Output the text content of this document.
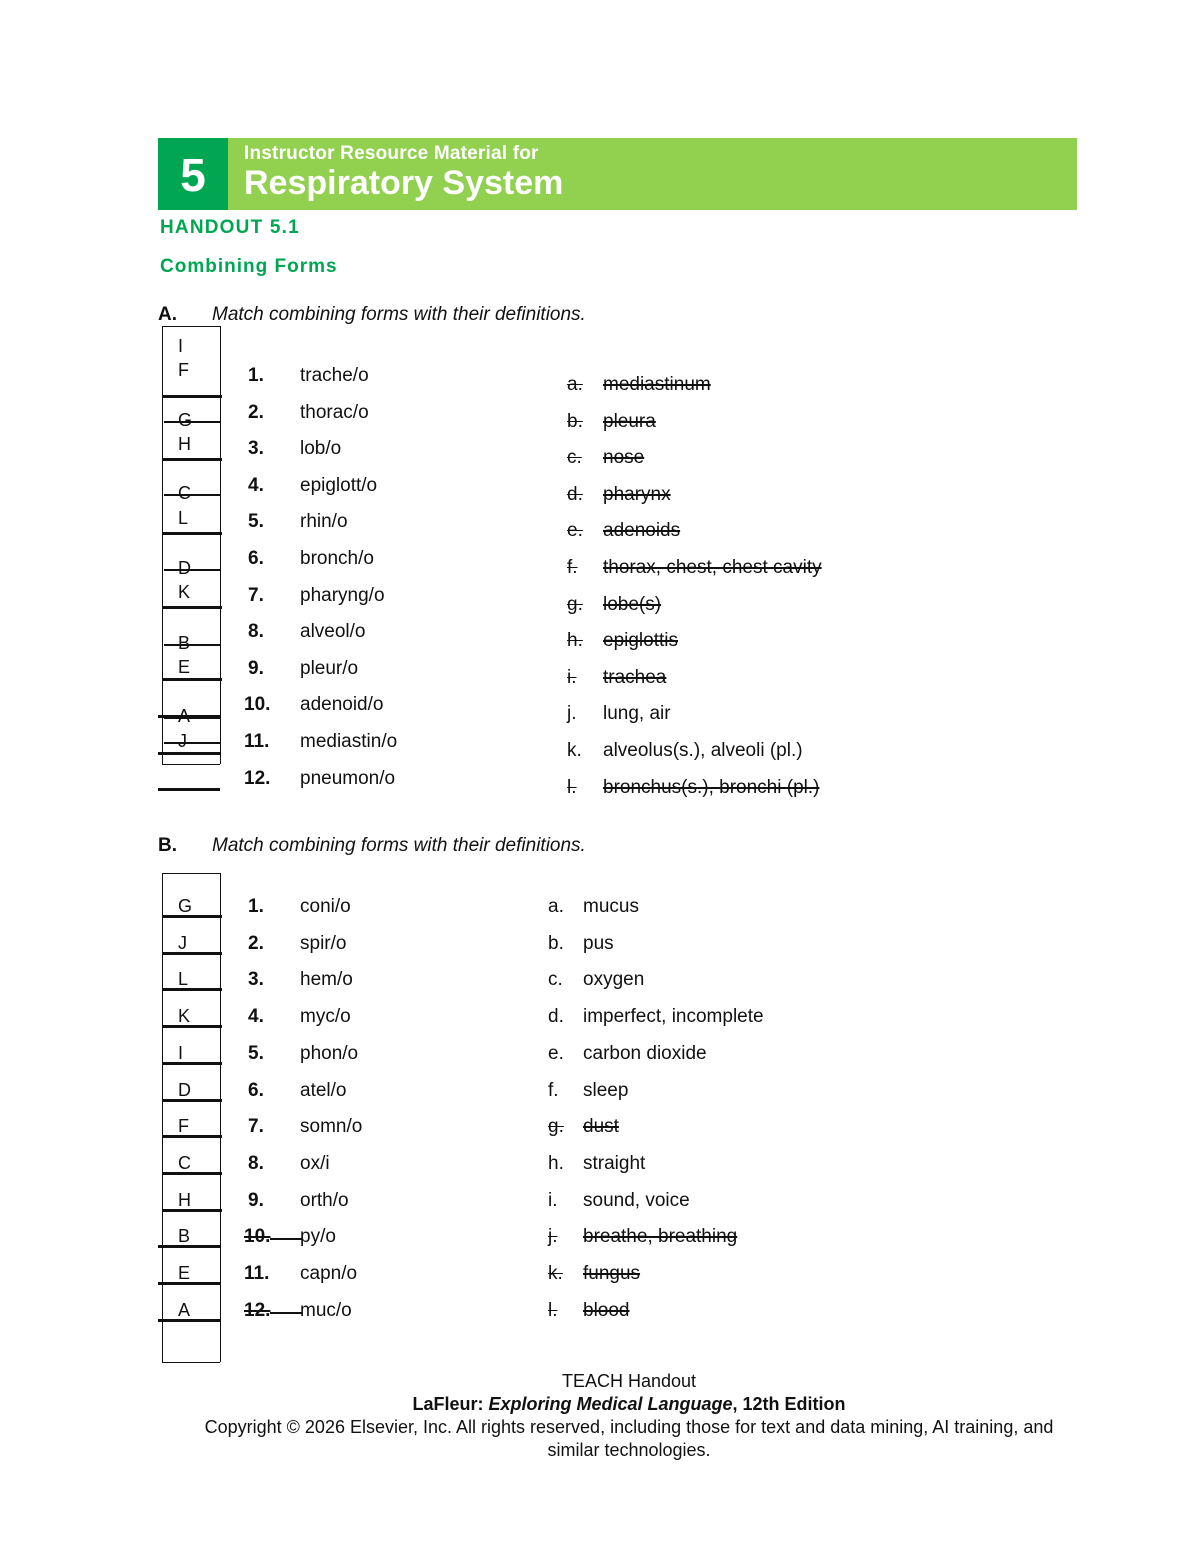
5	Instructor Resource Material for
Respiratory System
HANDOUT 5.1
Combining Forms
A. Match combining forms with their definitions.
I
F
G
H
C
L
D
K
B
E
A
J
1. trache/o
2. thorac/o
3. lob/o
4. epiglott/o
5. rhin/o
6. bronch/o
7. pharyng/o
8. alveol/o
9. pleur/o
10. adenoid/o
11. mediastin/o
12. pneumon/o
a. mediastinum
b. pleura
c. nose
d. pharynx
e. adenoids
f. thorax, chest, chest cavity
g. lobe(s)
h. epiglottis
i. trachea
j. lung, air
k. alveolus(s.), alveoli (pl.)
l. bronchus(s.), bronchi (pl.)
B. Match combining forms with their definitions.
G
J
L
K
I
D
F
C
H
B
E
A
1. coni/o
2. spir/o
3. hem/o
4. myc/o
5. phon/o
6. atel/o
7. somn/o
8. ox/i
9. orth/o
10. py/o
11. capn/o
12. muc/o
a. mucus
b. pus
c. oxygen
d. imperfect, incomplete
e. carbon dioxide
f. sleep
g. dust
h. straight
i. sound, voice
j. breathe, breathing
k. fungus
l. blood
TEACH Handout
LaFleur: Exploring Medical Language, 12th Edition
Copyright © 2026 Elsevier, Inc. All rights reserved, including those for text and data mining, AI training, and
similar technologies.
